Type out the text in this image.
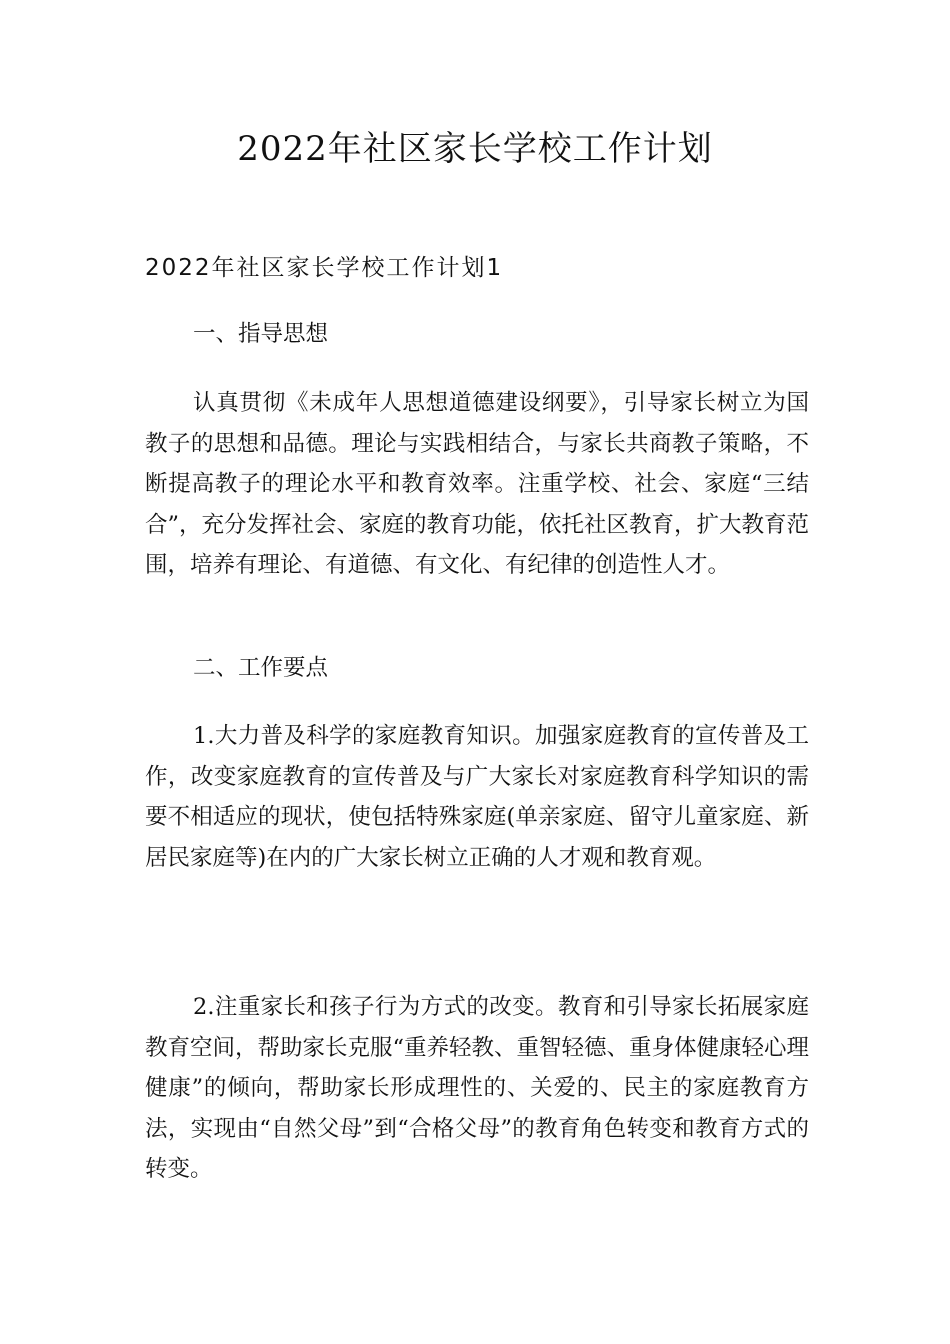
2022年社区家长学校工作计划
2022年社区家长学校工作计划1
一、指导思想

认真贯彻《未成年人思想道德建设纲要》，引导家长树立为国教子的思想和品德。理论与实践相结合，与家长共商教子策略，不断提高教子的理论水平和教育效率。注重学校、社会、家庭“三结合”，充分发挥社会、家庭的教育功能，依托社区教育，扩大教育范围，培养有理论、有道德、有文化、有纪律的创造性人才。

二、工作要点

1.大力普及科学的家庭教育知识。加强家庭教育的宣传普及工作，改变家庭教育的宣传普及与广大家长对家庭教育科学知识的需要不相适应的现状，使包括特殊家庭(单亲家庭、留守儿童家庭、新居民家庭等)在内的广大家长树立正确的人才观和教育观。

2.注重家长和孩子行为方式的改变。教育和引导家长拓展家庭教育空间，帮助家长克服“重养轻教、重智轻德、重身体健康轻心理健康”的倾向，帮助家长形成理性的、关爱的、民主的家庭教育方法，实现由“自然父母”到“合格父母”的教育角色转变和教育方式的转变。
